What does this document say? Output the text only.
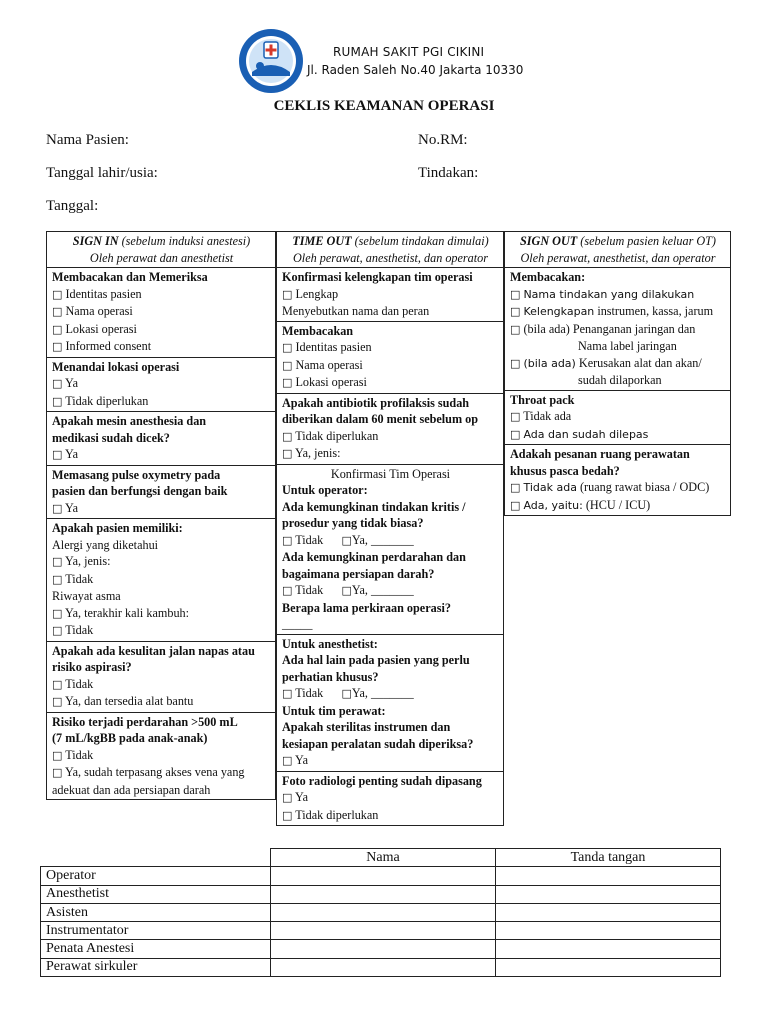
RUMAH SAKIT PGI CIKINI
Jl. Raden Saleh No.40 Jakarta 10330
CEKLIS KEAMANAN OPERASI
Nama Pasien:	No.RM:
Tanggal lahir/usia:	Tindakan:
Tanggal:
SIGN IN (sebelum induksi anestesi)
Oleh perawat dan anesthetist
Membacakan dan Memeriksa
□ Identitas pasien
□ Nama operasi
□ Lokasi operasi
□ Informed consent
Menandai lokasi operasi
□ Ya
□ Tidak diperlukan
Apakah mesin anesthesia dan
medikasi sudah dicek?
□ Ya
Memasang pulse oxymetry pada
pasien dan berfungsi dengan baik
□ Ya
Apakah pasien memiliki:
Alergi yang diketahui
□ Ya, jenis:
□ Tidak
Riwayat asma
□ Ya, terakhir kali kambuh:
□ Tidak
Apakah ada kesulitan jalan napas atau
risiko aspirasi?
□ Tidak
□ Ya, dan tersedia alat bantu
Risiko terjadi perdarahan >500 mL
(7 mL/kgBB pada anak-anak)
□ Tidak
□ Ya, sudah terpasang akses vena yang
adekuat dan ada persiapan darah
TIME OUT (sebelum tindakan dimulai)
Oleh perawat, anesthetist, dan operator
Konfirmasi kelengkapan tim operasi
□ Lengkap
Menyebutkan nama dan peran
Membacakan
□ Identitas pasien
□ Nama operasi
□ Lokasi operasi
Apakah antibiotik profilaksis sudah
diberikan dalam 60 menit sebelum op
□ Tidak diperlukan
□ Ya, jenis:
Konfirmasi Tim Operasi
Untuk operator:
Ada kemungkinan tindakan kritis /
prosedur yang tidak biasa?
□ Tidak □Ya, _______
Ada kemungkinan perdarahan dan
bagaimana persiapan darah?
□ Tidak □Ya, _______
Berapa lama perkiraan operasi?
_____
Untuk anesthetist:
Ada hal lain pada pasien yang perlu
perhatian khusus?
□ Tidak □Ya, _______
Untuk tim perawat:
Apakah sterilitas instrumen dan
kesiapan peralatan sudah diperiksa?
□ Ya
Foto radiologi penting sudah dipasang
□ Ya
□ Tidak diperlukan
SIGN OUT (sebelum pasien keluar OT)
Oleh perawat, anesthetist, dan operator
Membacakan:
□ Nama tindakan yang dilakukan
□ Kelengkapan instrumen, kassa, jarum
□ (bila ada) Penanganan jaringan dan
Nama label jaringan
□ (bila ada) Kerusakan alat dan akan/
sudah dilaporkan
Throat pack
□ Tidak ada
□ Ada dan sudah dilepas
Adakah pesanan ruang perawatan
khusus pasca bedah?
□ Tidak ada (ruang rawat biasa / ODC)
□ Ada, yaitu: (HCU / ICU)
	Nama	Tanda tangan
Operator		
Anesthetist		
Asisten		
Instrumentator		
Penata Anestesi		
Perawat sirkuler		
